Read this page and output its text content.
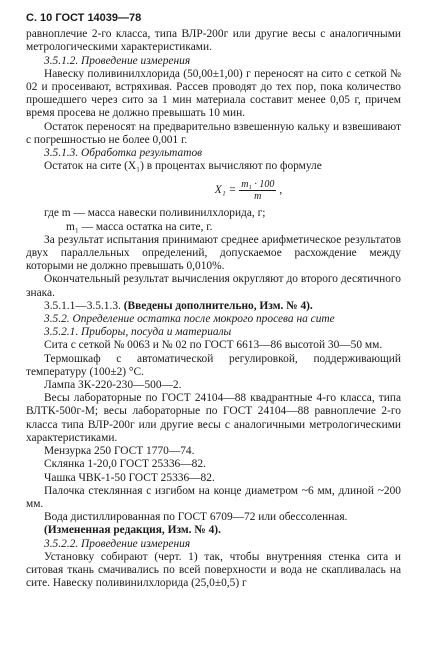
С. 10 ГОСТ 14039—78

равноплечие 2-го класса, типа ВЛР-200г или другие весы с аналогичными метрологическими характеристиками.

3.5.1.2. Проведение измерения

Навеску поливинилхлорида (50,00±1,00) г переносят на сито с сеткой № 02 и просеивают, встряхивая. Рассев проводят до тех пор, пока количество прошедшего через сито за 1 мин материала составит менее 0,05 г, причем время просева не должно превышать 10 мин.

Остаток переносят на предварительно взвешенную кальку и взвешивают с погрешностью не более 0,001 г.

3.5.1.3. Обработка результатов

Остаток на сите (X₁) в процентах вычисляют по формуле

$X_1 = \frac{\text{m₁ · 100}}{m}$ ,

где m — масса навески поливинилхлорида, г;

m₁ — масса остатка на сите, г.

За результат испытания принимают среднее арифметическое результатов двух параллельных определений, допускаемое расхождение между которыми не должно превышать 0,010%.

Окончательный результат вычисления округляют до второго десятичного знака.

3.5.1.1—3.5.1.3. (Введены дополнительно, Изм. № 4).

3.5.2. Определение остатка после мокрого просева на сите

3.5.2.1. Приборы, посуда и материалы

Сита с сеткой № 0063 и № 02 по ГОСТ 6613—86 высотой 30—50 мм.

Термошкаф с автоматической регулировкой, поддерживающий температуру (100±2) °С.

Лампа ЗК-220-230—500—2.

Весы лабораторные по ГОСТ 24104—88 квадрантные 4-го класса, типа ВЛТК-500г-М; весы лабораторные по ГОСТ 24104—88 равноплечие 2-го класса типа ВЛР-200г или другие весы с аналогичными метрологическими характеристиками.

Мензурка 250 ГОСТ 1770—74.

Склянка 1-20,0 ГОСТ 25336—82.

Чашка ЧВК-1-50 ГОСТ 25336—82.

Палочка стеклянная с изгибом на конце диаметром ~6 мм, длиной ~200 мм.

Вода дистиллированная по ГОСТ 6709—72 или обессоленная.

(Измененная редакция, Изм. № 4).

3.5.2.2. Проведение измерения

Установку собирают (черт. 1) так, чтобы внутренняя стенка сита и ситовая ткань смачивались по всей поверхности и вода не скапливалась на сите. Навеску поливинилхлорида (25,0±0,5) г
